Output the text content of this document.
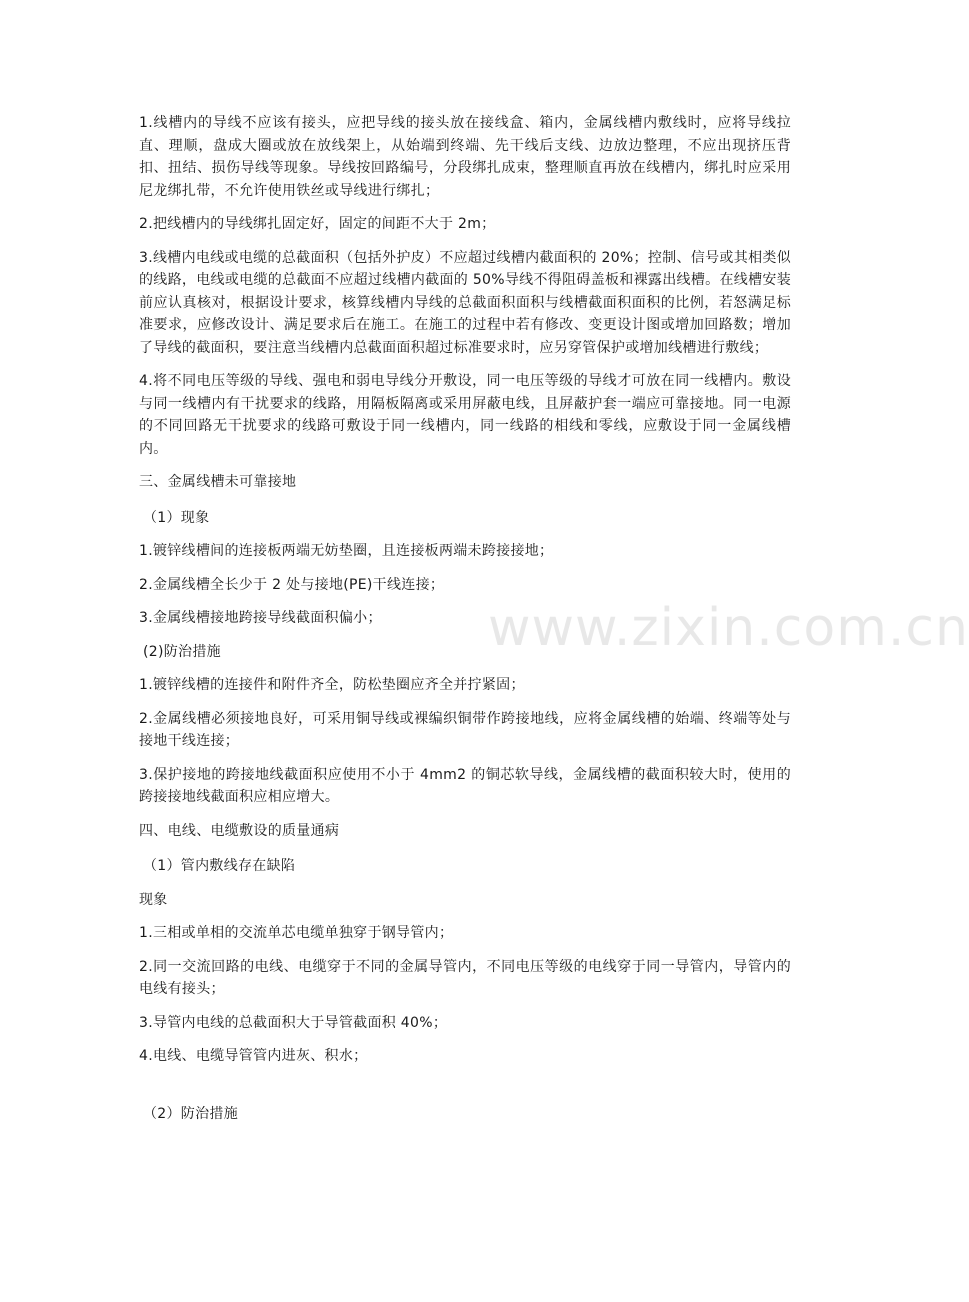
1.线槽内的导线不应该有接头，应把导线的接头放在接线盒、箱内，金属线槽内敷线时，应将导线拉直、理顺，盘成大圈或放在放线架上，从始端到终端、先干线后支线、边放边整理，不应出现挤压背扣、扭结、损伤导线等现象。导线按回路编号，分段绑扎成束，整理顺直再放在线槽内，绑扎时应采用尼龙绑扎带，不允许使用铁丝或导线进行绑扎；

2.把线槽内的导线绑扎固定好，固定的间距不大于 2m；

3.线槽内电线或电缆的总截面积（包括外护皮）不应超过线槽内截面积的 20%；控制、信号或其相类似的线路，电线或电缆的总截面不应超过线槽内截面的 50%导线不得阻碍盖板和裸露出线槽。在线槽安装前应认真核对，根据设计要求，核算线槽内导线的总截面积面积与线槽截面积面积的比例，若怒满足标准要求，应修改设计、满足要求后在施工。在施工的过程中若有修改、变更设计图或增加回路数；增加了导线的截面积，要注意当线槽内总截面面积超过标准要求时，应另穿管保护或增加线槽进行敷线；

4.将不同电压等级的导线、强电和弱电导线分开敷设，同一电压等级的导线才可放在同一线槽内。敷设与同一线槽内有干扰要求的线路，用隔板隔离或采用屏蔽电线，且屏蔽护套一端应可靠接地。同一电源的不同回路无干扰要求的线路可敷设于同一线槽内，同一线路的相线和零线，应敷设于同一金属线槽内。

三、金属线槽未可靠接地

（1）现象

1.镀锌线槽间的连接板两端无妨垫圈，且连接板两端未跨接接地；

2.金属线槽全长少于 2 处与接地(PE)干线连接；

3.金属线槽接地跨接导线截面积偏小；

(2)防治措施

1.镀锌线槽的连接件和附件齐全，防松垫圈应齐全并拧紧固；

2.金属线槽必须接地良好，可采用铜导线或裸编织铜带作跨接地线，应将金属线槽的始端、终端等处与接地干线连接；

3.保护接地的跨接地线截面积应使用不小于 4mm2 的铜芯软导线，金属线槽的截面积较大时，使用的跨接接地线截面积应相应增大。

四、电线、电缆敷设的质量通病

（1）管内敷线存在缺陷

现象

1.三相或单相的交流单芯电缆单独穿于钢导管内；

2.同一交流回路的电线、电缆穿于不同的金属导管内，不同电压等级的电线穿于同一导管内，导管内的电线有接头；

3.导管内电线的总截面积大于导管截面积 40%；

4.电线、电缆导管管内进灰、积水；

（2）防治措施

www.zixin.com.cn
